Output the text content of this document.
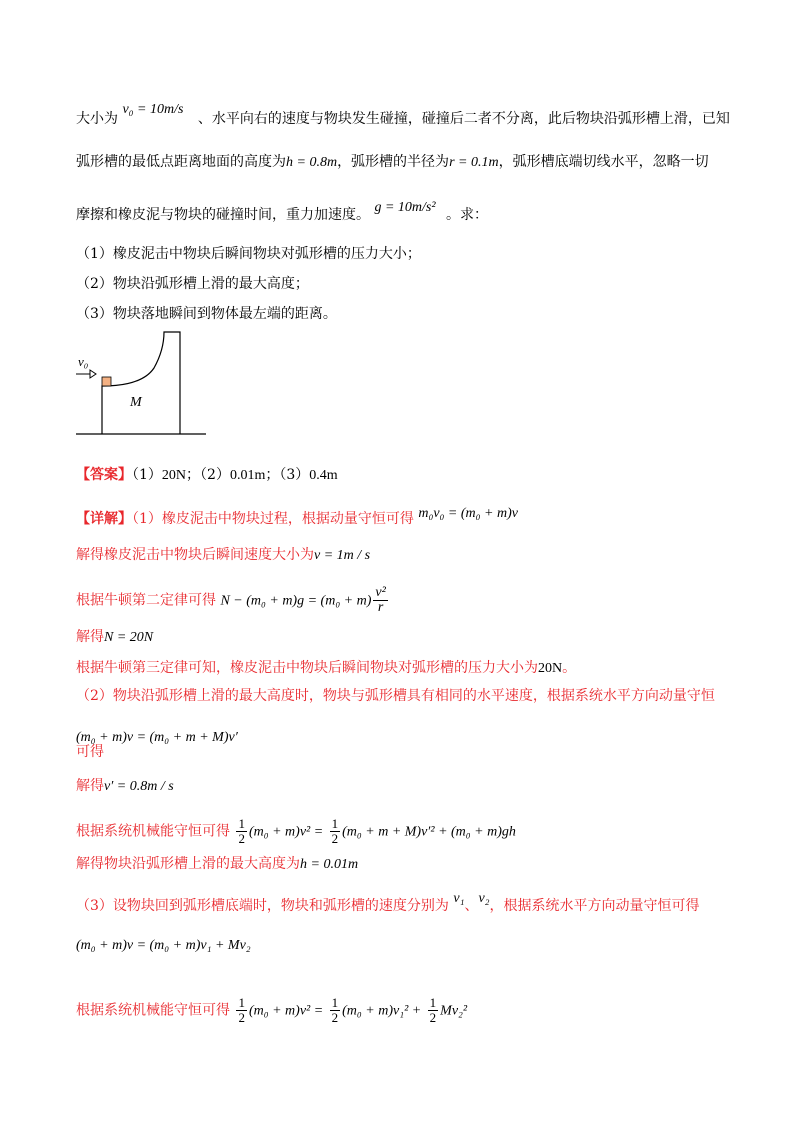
大小为 v₀ = 10m/s 、水平向右的速度与物块发生碰撞，碰撞后二者不分离，此后物块沿弧形槽上滑，已知
弧形槽的最低点距离地面的高度为h = 0.8m，弧形槽的半径为r = 0.1m，弧形槽底端切线水平，忽略一切
摩擦和橡皮泥与物块的碰撞时间，重力加速度。 g = 10m/s² 。求：
（1）橡皮泥击中物块后瞬间物块对弧形槽的压力大小；
（2）物块沿弧形槽上滑的最大高度；
（3）物块落地瞬间到物体最左端的距离。
v₀
M
【答案】（1）20N；（2）0.01m；（3）0.4m
【详解】（1）橡皮泥击中物块过程，根据动量守恒可得 m₀v₀ = (m₀ + m)v
解得橡皮泥击中物块后瞬间速度大小为v = 1m / s
根据牛顿第二定律可得 $N - (m_0 + m)g = (m_0 + m) \frac{\text{v²}}{r}$
解得N = 20N
根据牛顿第三定律可知，橡皮泥击中物块后瞬间物块对弧形槽的压力大小为20N。
（2）物块沿弧形槽上滑的最大高度时，物块与弧形槽具有相同的水平速度，根据系统水平方向动量守恒
(m₀ + m)v = (m₀ + m + M)v′
可得
解得v′ = 0.8m / s
根据系统机械能守恒可得 $\frac{1}{2} (m_0 + m)v^2 = \frac{1}{2} (m_0 + m + M)v'^2 + (m_0 + m)gh$
解得物块沿弧形槽上滑的最大高度为h = 0.01m
（3）设物块回到弧形槽底端时，物块和弧形槽的速度分别为 v₁、v₂，根据系统水平方向动量守恒可得
(m₀ + m)v = (m₀ + m)v₁ + Mv₂
根据系统机械能守恒可得 $\frac{1}{2} (m_0 + m)v^2 = \frac{1}{2} (m_0 + m)v_1^2 + \frac{1}{2} Mv_2^2$
